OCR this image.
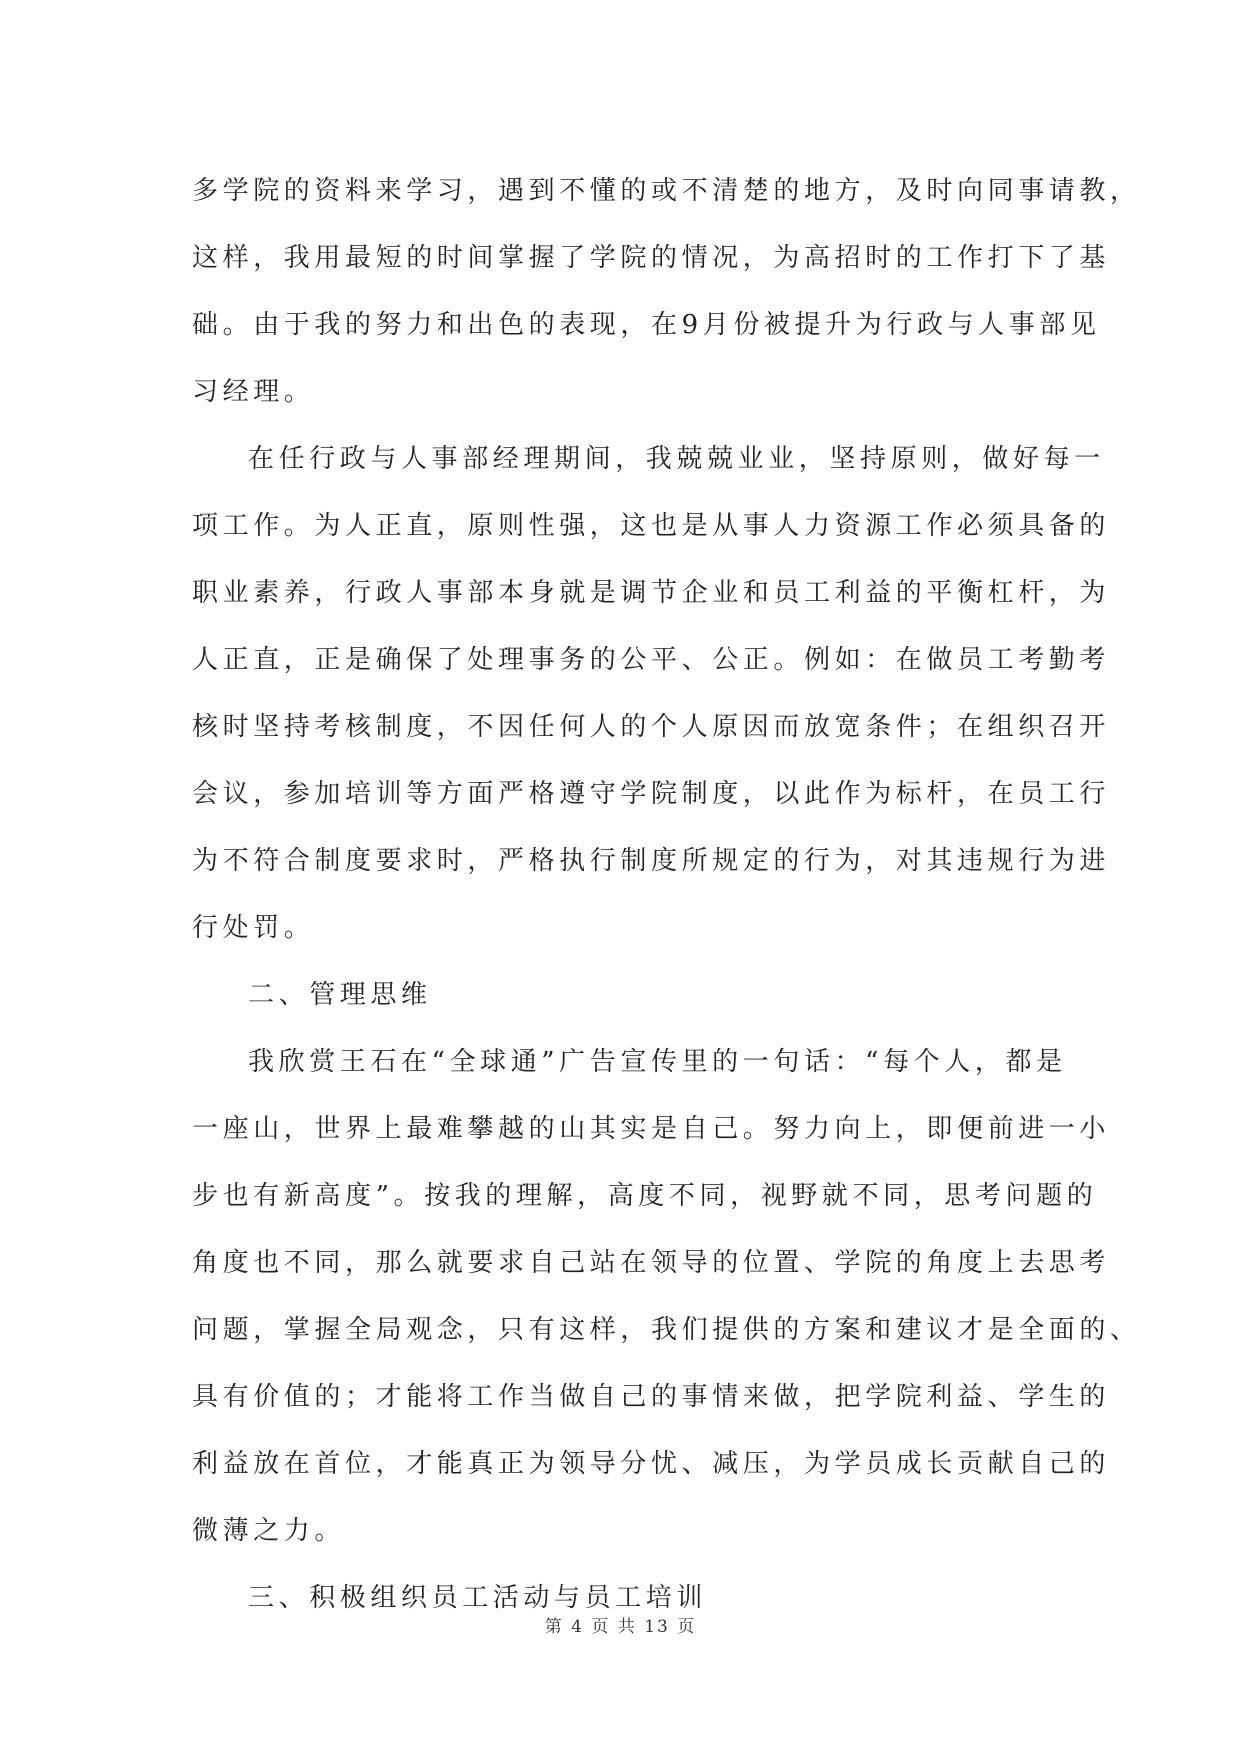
多学院的资料来学习，遇到不懂的或不清楚的地方，及时向同事请教，
这样，我用最短的时间掌握了学院的情况，为高招时的工作打下了基
础。由于我的努力和出色的表现，在9月份被提升为行政与人事部见
习经理。
在任行政与人事部经理期间，我兢兢业业，坚持原则，做好每一
项工作。为人正直，原则性强，这也是从事人力资源工作必须具备的
职业素养，行政人事部本身就是调节企业和员工利益的平衡杠杆，为
人正直，正是确保了处理事务的公平、公正。例如：在做员工考勤考
核时坚持考核制度，不因任何人的个人原因而放宽条件；在组织召开
会议，参加培训等方面严格遵守学院制度，以此作为标杆，在员工行
为不符合制度要求时，严格执行制度所规定的行为，对其违规行为进
行处罚。
二、管理思维
我欣赏王石在“全球通”广告宣传里的一句话：“每个人，都是
一座山，世界上最难攀越的山其实是自己。努力向上，即便前进一小
步也有新高度”。按我的理解，高度不同，视野就不同，思考问题的
角度也不同，那么就要求自己站在领导的位置、学院的角度上去思考
问题，掌握全局观念，只有这样，我们提供的方案和建议才是全面的、
具有价值的；才能将工作当做自己的事情来做，把学院利益、学生的
利益放在首位，才能真正为领导分忧、减压，为学员成长贡献自己的
微薄之力。
三、积极组织员工活动与员工培训
第 4 页 共 13 页
